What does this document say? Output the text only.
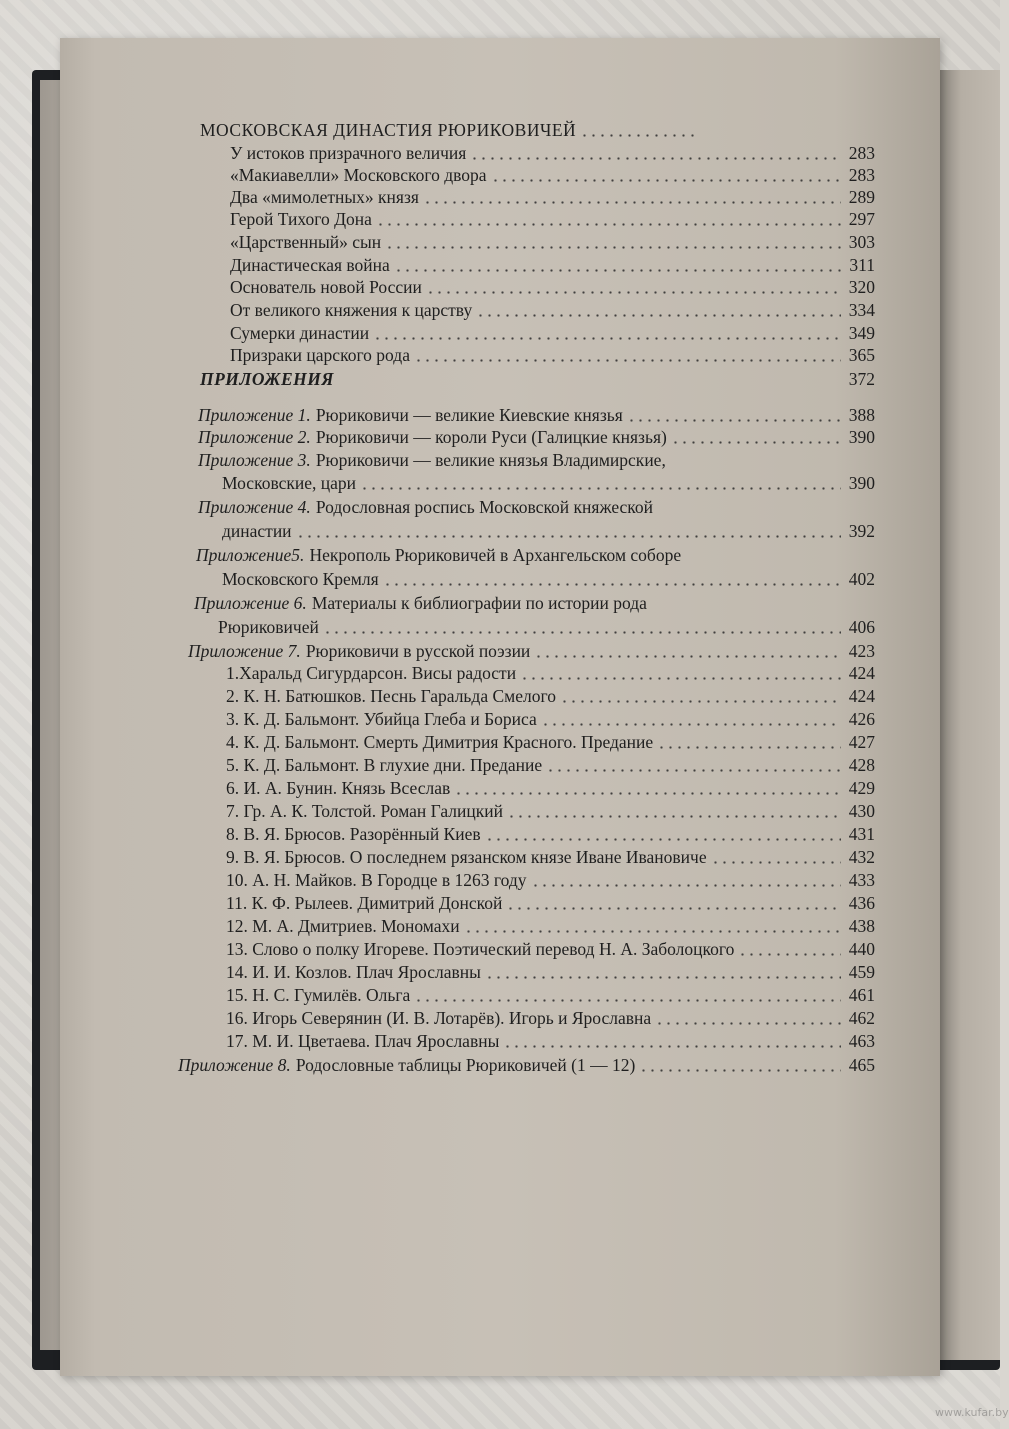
МОСКОВСКАЯ ДИНАСТИЯ РЮРИКОВИЧЕЙ
У истоков призрачного величия	283
«Макиавелли» Московского двора	283
Два «мимолетных» князя	289
Герой Тихого Дона	297
«Царственный» сын	303
Династическая война	311
Основатель новой России	320
От великого княжения к царству	334
Сумерки династии	349
Призраки царского рода	365
ПРИЛОЖЕНИЯ	372
Приложение 1. Рюриковичи — великие Киевские князья	388
Приложение 2. Рюриковичи — короли Руси (Галицкие князья)	390
Приложение 3. Рюриковичи — великие князья Владимирские,
Московские, цари	390
Приложение 4. Родословная роспись Московской княжеской
династии	392
Приложение5. Некрополь Рюриковичей в Архангельском соборе
Московского Кремля	402
Приложение 6. Материалы к библиографии по истории рода
Рюриковичей	406
Приложение 7. Рюриковичи в русской поэзии	423
1.Харальд Сигурдарсон. Висы радости	424
2. К. Н. Батюшков. Песнь Гаральда Смелого	424
3. К. Д. Бальмонт. Убийца Глеба и Бориса	426
4. К. Д. Бальмонт. Смерть Димитрия Красного. Предание	427
5. К. Д. Бальмонт. В глухие дни. Предание	428
6. И. А. Бунин. Князь Всеслав	429
7. Гр. А. К. Толстой. Роман Галицкий	430
8. В. Я. Брюсов. Разорённый Киев	431
9. В. Я. Брюсов. О последнем рязанском князе Иване Ивановиче	432
10. А. Н. Майков. В Городце в 1263 году	433
11. К. Ф. Рылеев. Димитрий Донской	436
12. М. А. Дмитриев. Мономахи	438
13. Слово о полку Игореве. Поэтический перевод Н. А. Заболоцкого	440
14. И. И. Козлов. Плач Ярославны	459
15. Н. С. Гумилёв. Ольга	461
16. Игорь Северянин (И. В. Лотарёв). Игорь и Ярославна	462
17. М. И. Цветаева. Плач Ярославны	463
Приложение 8. Родословные таблицы Рюриковичей (1 — 12)	465
www.kufar.by
